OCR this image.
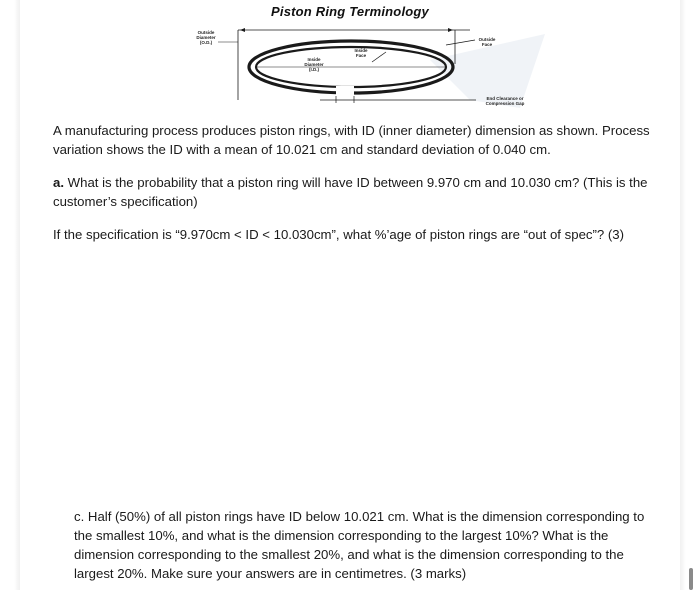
Piston Ring Terminology
Outside
Diameter
(O.D.)
Inside
Diameter
(I.D.)
Inside
Face
Outside
Face
End Clearance or
Compression Gap
A manufacturing process produces piston rings, with ID (inner diameter) dimension as shown. Process variation shows the ID with a mean of 10.021 cm and standard deviation of 0.040 cm.
a. What is the probability that a piston ring will have ID between 9.970 cm and 10.030 cm? (This is the customer’s specification)
If the specification is “9.970cm < ID < 10.030cm”, what %’age of piston rings are “out of spec”? (3)
c. Half (50%) of all piston rings have ID below 10.021 cm. What is the dimension corresponding to the smallest 10%, and what is the dimension corresponding to the largest 10%? What is the dimension corresponding to the smallest 20%, and what is the dimension corresponding to the largest 20%. Make sure your answers are in centimetres. (3 marks)
